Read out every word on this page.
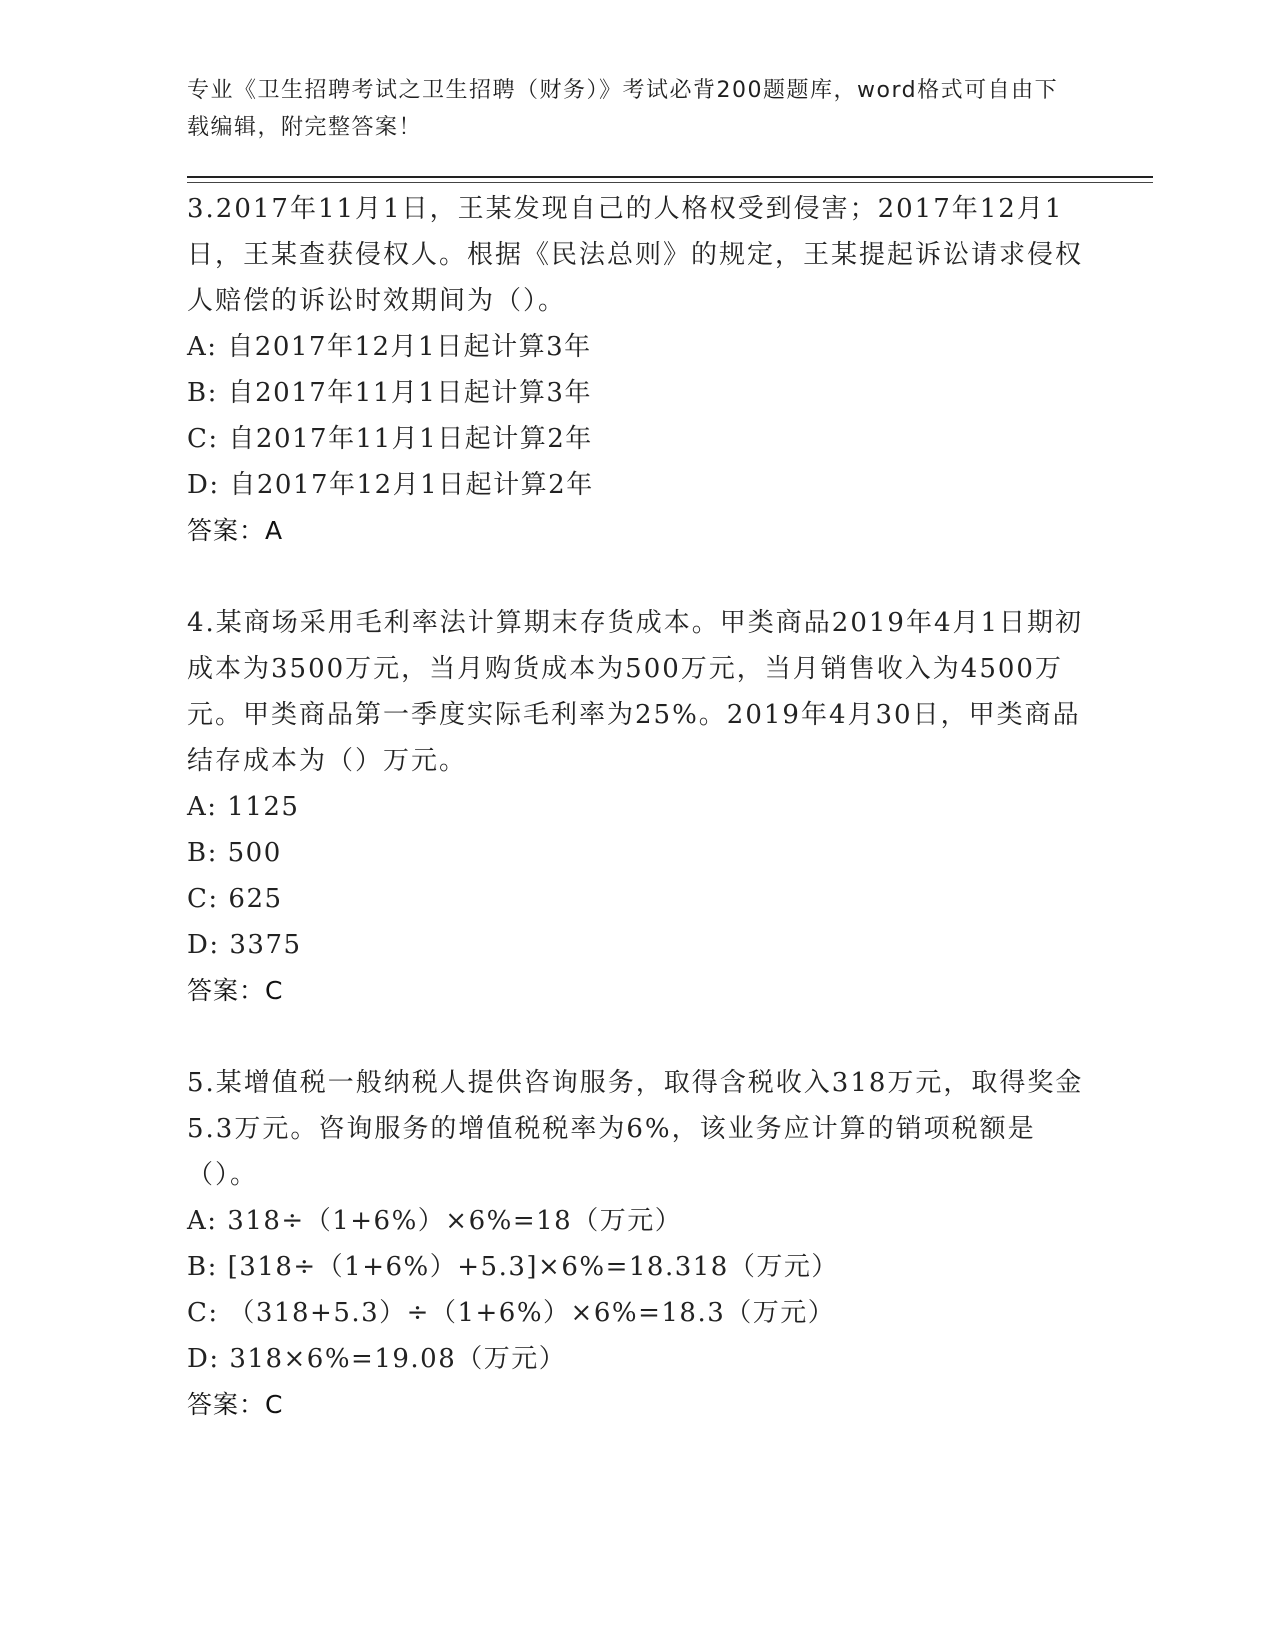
专业《卫生招聘考试之卫生招聘（财务）》考试必背200题题库，word格式可自由下载编辑，附完整答案！

3.2017年11月1日，王某发现自己的人格权受到侵害；2017年12月1日，王某查获侵权人。根据《民法总则》的规定，王某提起诉讼请求侵权人赔偿的诉讼时效期间为（）。

A: 自2017年12月1日起计算3年

B: 自2017年11月1日起计算3年

C: 自2017年11月1日起计算2年

D: 自2017年12月1日起计算2年

答案：A

4.某商场采用毛利率法计算期末存货成本。甲类商品2019年4月1日期初成本为3500万元，当月购货成本为500万元，当月销售收入为4500万元。甲类商品第一季度实际毛利率为25%。2019年4月30日，甲类商品结存成本为（）万元。

A: 1125

B: 500

C: 625

D: 3375

答案：C

5.某增值税一般纳税人提供咨询服务，取得含税收入318万元，取得奖金5.3万元。咨询服务的增值税税率为6%，该业务应计算的销项税额是（）。

A: 318÷（1+6%）×6%=18（万元）

B: [318÷（1+6%）+5.3]×6%=18.318（万元）

C: （318+5.3）÷（1+6%）×6%=18.3（万元）

D: 318×6%=19.08（万元）

答案：C
